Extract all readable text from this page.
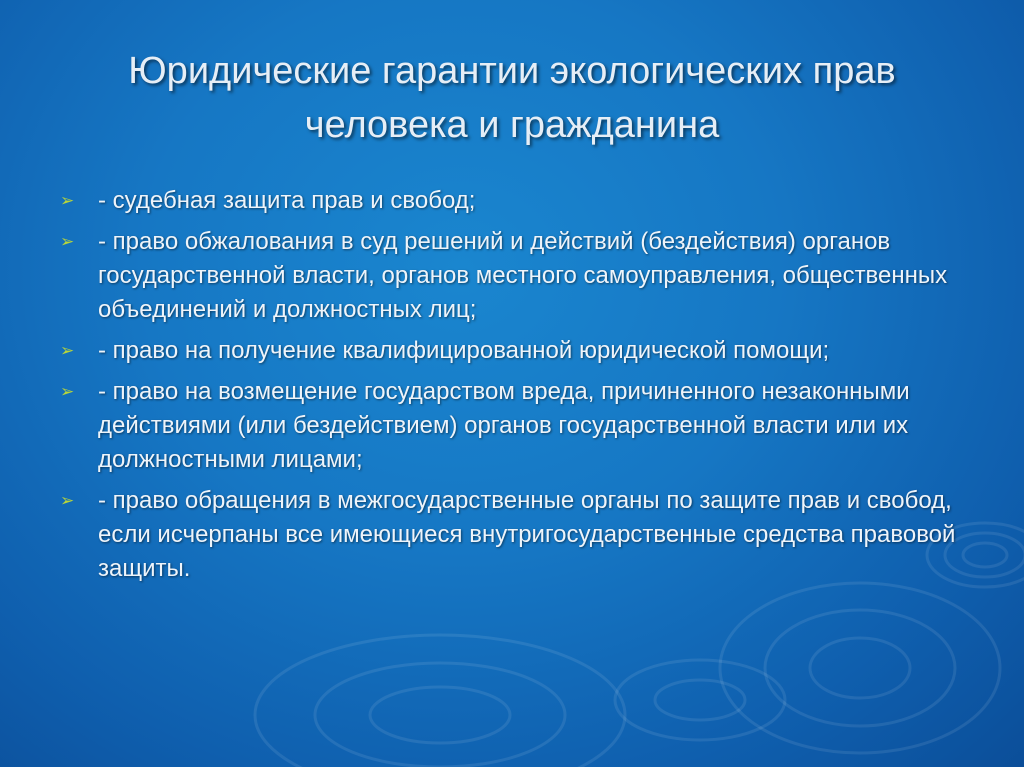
Юридические гарантии экологических прав
человека и гражданина
➢ - судебная защита прав и свобод;
➢ - право обжалования в суд решений и действий (бездействия) органов государственной власти, органов местного самоуправления, общественных объединений и должностных лиц;
➢ - право на получение квалифицированной юридической помощи;
➢ - право на возмещение государством вреда, причиненного незаконными действиями (или бездействием) органов государственной власти или их должностными лицами;
➢ - право обращения в межгосударственные органы по защите прав и свобод, если исчерпаны все имеющиеся внутригосударственные средства правовой защиты.
